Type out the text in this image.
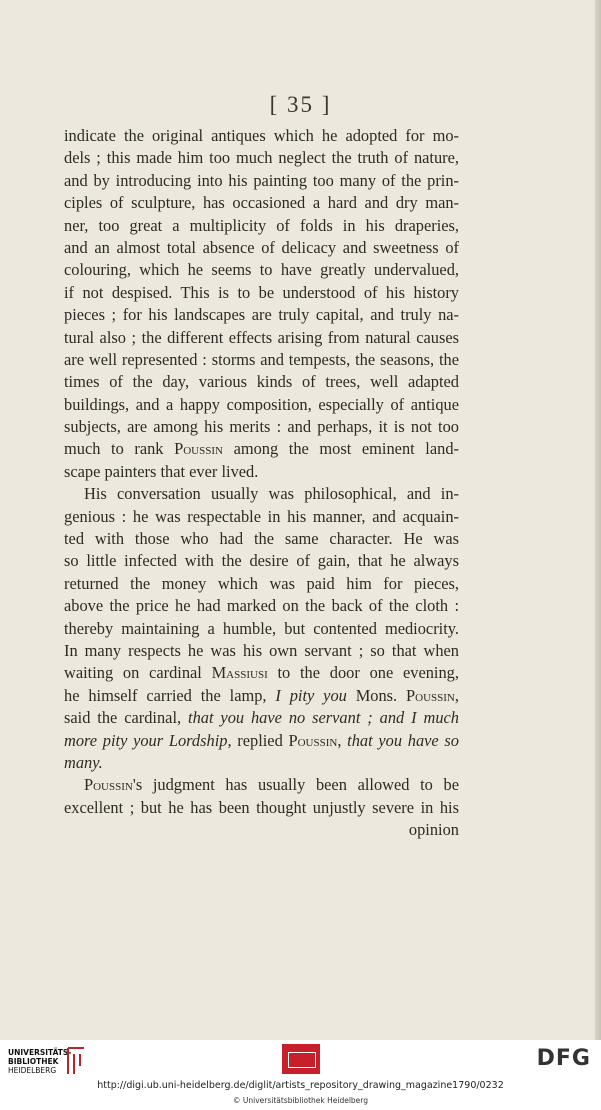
[ 35 ]
indicate the original antiques which he adopted for mo-
dels ; this made him too much neglect the truth of nature,
and by introducing into his painting too many of the prin-
ciples of sculpture, has occasioned a hard and dry man-
ner, too great a multiplicity of folds in his draperies,
and an almost total absence of delicacy and sweetness of
colouring, which he seems to have greatly undervalued,
if not despised. This is to be understood of his history
pieces ; for his landscapes are truly capital, and truly na-
tural also ; the different effects arising from natural causes
are well represented : storms and tempests, the seasons, the
times of the day, various kinds of trees, well adapted
buildings, and a happy composition, especially of antique
subjects, are among his merits : and perhaps, it is not too
much to rank Poussin among the most eminent land-
scape painters that ever lived.
His conversation usually was philosophical, and in-
genious : he was respectable in his manner, and acquain-
ted with those who had the same character. He was
so little infected with the desire of gain, that he always
returned the money which was paid him for pieces,
above the price he had marked on the back of the cloth :
thereby maintaining a humble, but contented mediocrity.
In many respects he was his own servant ; so that when
waiting on cardinal Massiusi to the door one evening,
he himself carried the lamp, I pity you Mons. Poussin,
said the cardinal, that you have no servant ; and I much
more pity your Lordship, replied Poussin, that you have so
many.
Poussin's judgment has usually been allowed to be
excellent ; but he has been thought unjustly severe in his
opinion
UNIVERSITÄTS-
BIBLIOTHEK
HEIDELBERG	DFG
http://digi.ub.uni-heidelberg.de/diglit/artists_repository_drawing_magazine1790/0232
© Universitätsbibliothek Heidelberg
